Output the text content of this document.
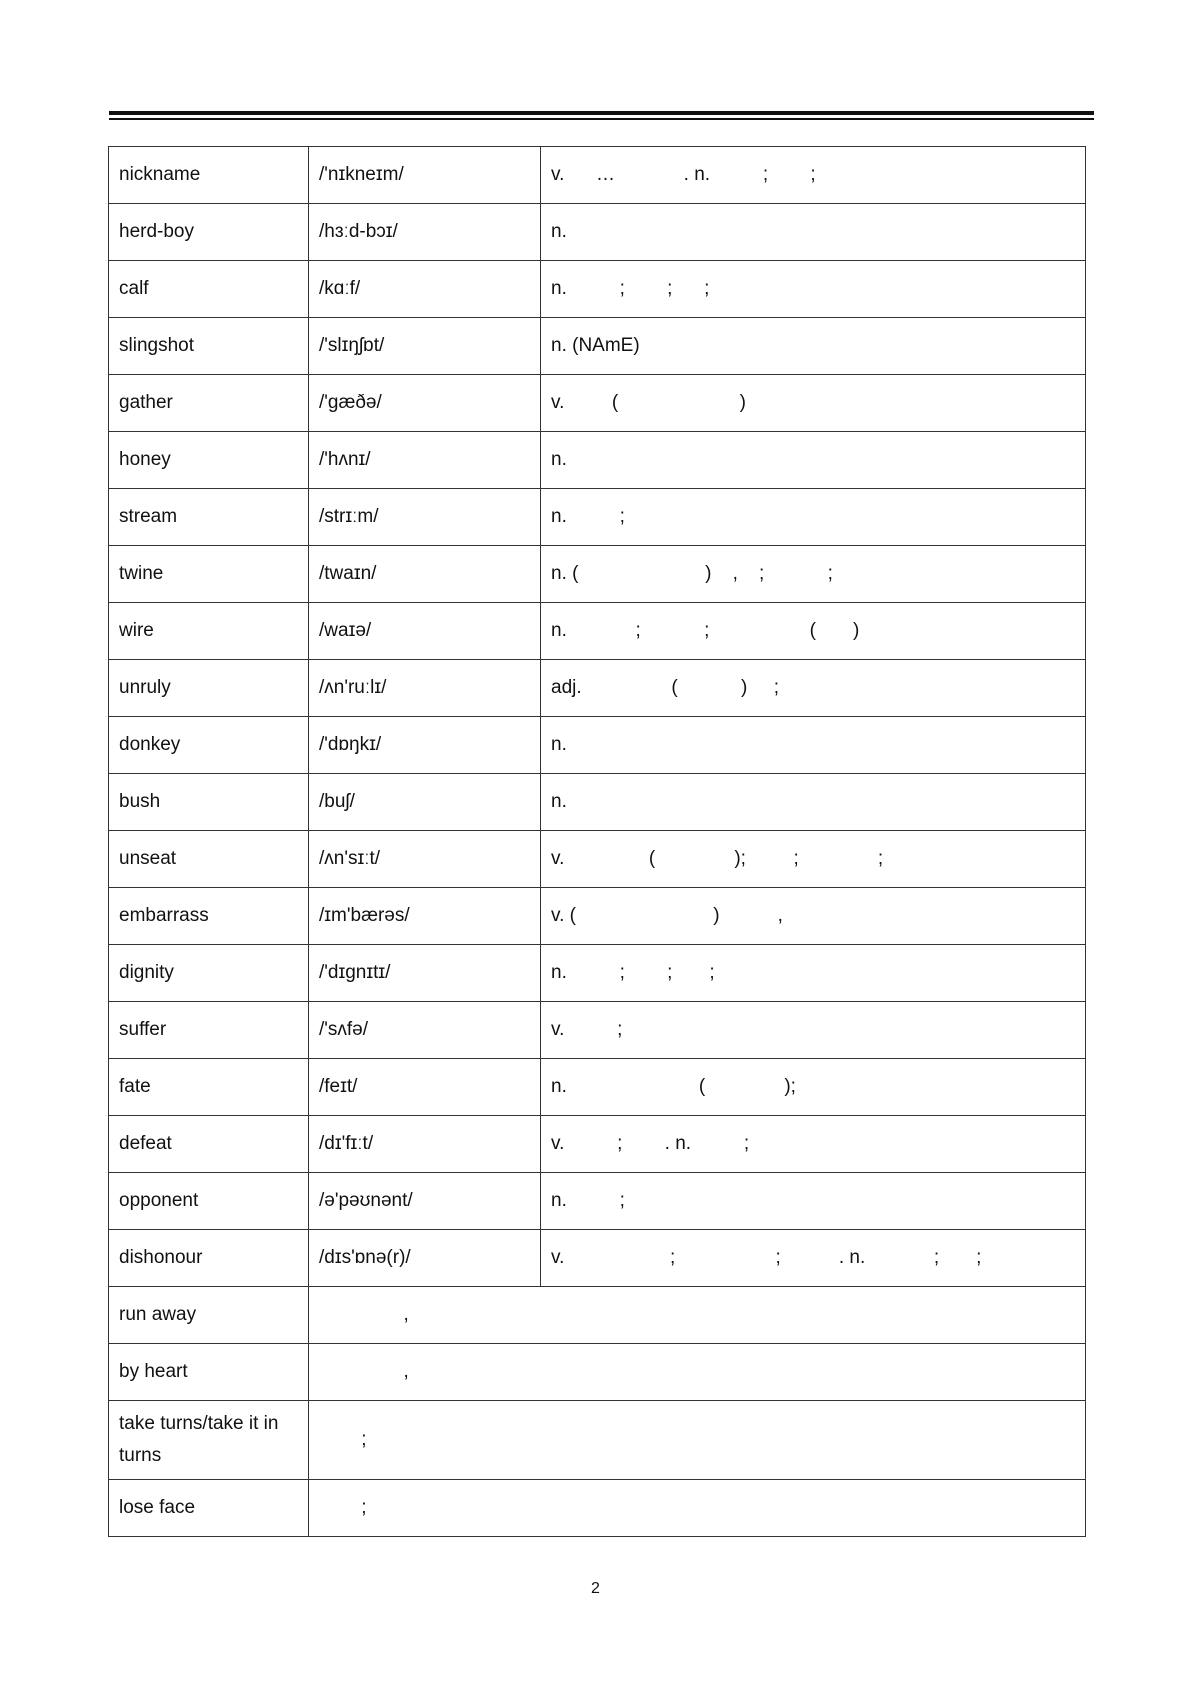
nickname	/'nɪkneɪm/	v.      …             . n.          ;        ;
herd-boy	/hɜːd-bɔɪ/	n.
calf	/kɑːf/	n.          ;        ;      ;
slingshot	/'slɪŋʃɒt/	n. (NAmE)
gather	/'gæðə/	v.         (                       )
honey	/'hʌnɪ/	n.
stream	/strɪːm/	n.          ;
twine	/twaɪn/	n. (                        )    ,    ;            ;
wire	/waɪə/	n.             ;            ;                   (       )
unruly	/ʌn'ruːlɪ/	adj.                 (            )     ;
donkey	/'dɒŋkɪ/	n.
bush	/buʃ/	n.
unseat	/ʌn'sɪːt/	v.                (               );         ;               ;
embarrass	/ɪm'bærəs/	v. (                          )           ,
dignity	/'dɪgnɪtɪ/	n.          ;        ;       ;
suffer	/'sʌfə/	v.          ;
fate	/feɪt/	n.                         (               );
defeat	/dɪ'fɪːt/	v.          ;        . n.          ;
opponent	/ə'pəʊnənt/	n.          ;
dishonour	/dɪs'ɒnə(r)/	v.                    ;                   ;           . n.             ;       ;
run away	,	
by heart	,	
take turns/take it in turns	;	
lose face	;	
2
